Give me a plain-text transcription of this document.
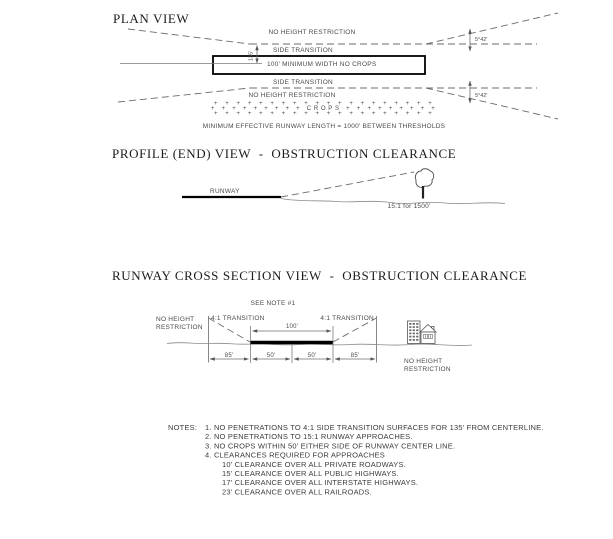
PLAN VIEW
NO HEIGHT RESTRICTION
5°42'
SIDE TRANSITION
135'
100' MINIMUM WIDTH NO CROPS
SIDE TRANSITION
5°42'
NO HEIGHT RESTRICTION
+ + + + + + + + + + + + + + + + + + + +
+ + + + + + + + + CROPS + + + + + + + + +
+ + + + + + + + + + + + + + + + + + + +
MINIMUM EFFECTIVE RUNWAY LENGTH = 1000' BETWEEN THRESHOLDS
PROFILE (END) VIEW  -  OBSTRUCTION CLEARANCE
RUNWAY
15:1 for 1500'
RUNWAY CROSS SECTION VIEW  -  OBSTRUCTION CLEARANCE
SEE NOTE #1
NO HEIGHT
RESTRICTION
4:1 TRANSITION	4:1 TRANSITION
100'
85'	50'	50'	85'
NO HEIGHT
RESTRICTION
NOTES: 1. NO PENETRATIONS TO 4:1 SIDE TRANSITION SURFACES FOR 135' FROM CENTERLINE.
2. NO PENETRATIONS TO 15:1 RUNWAY APPROACHES.
3. NO CROPS WITHIN 50' EITHER SIDE OF RUNWAY CENTER LINE.
4. CLEARANCES REQUIRED FOR APPROACHES
10' CLEARANCE OVER ALL PRIVATE ROADWAYS.
15' CLEARANCE OVER ALL PUBLIC HIGHWAYS.
17' CLEARANCE OVER ALL INTERSTATE HIGHWAYS.
23' CLEARANCE OVER ALL RAILROADS.
